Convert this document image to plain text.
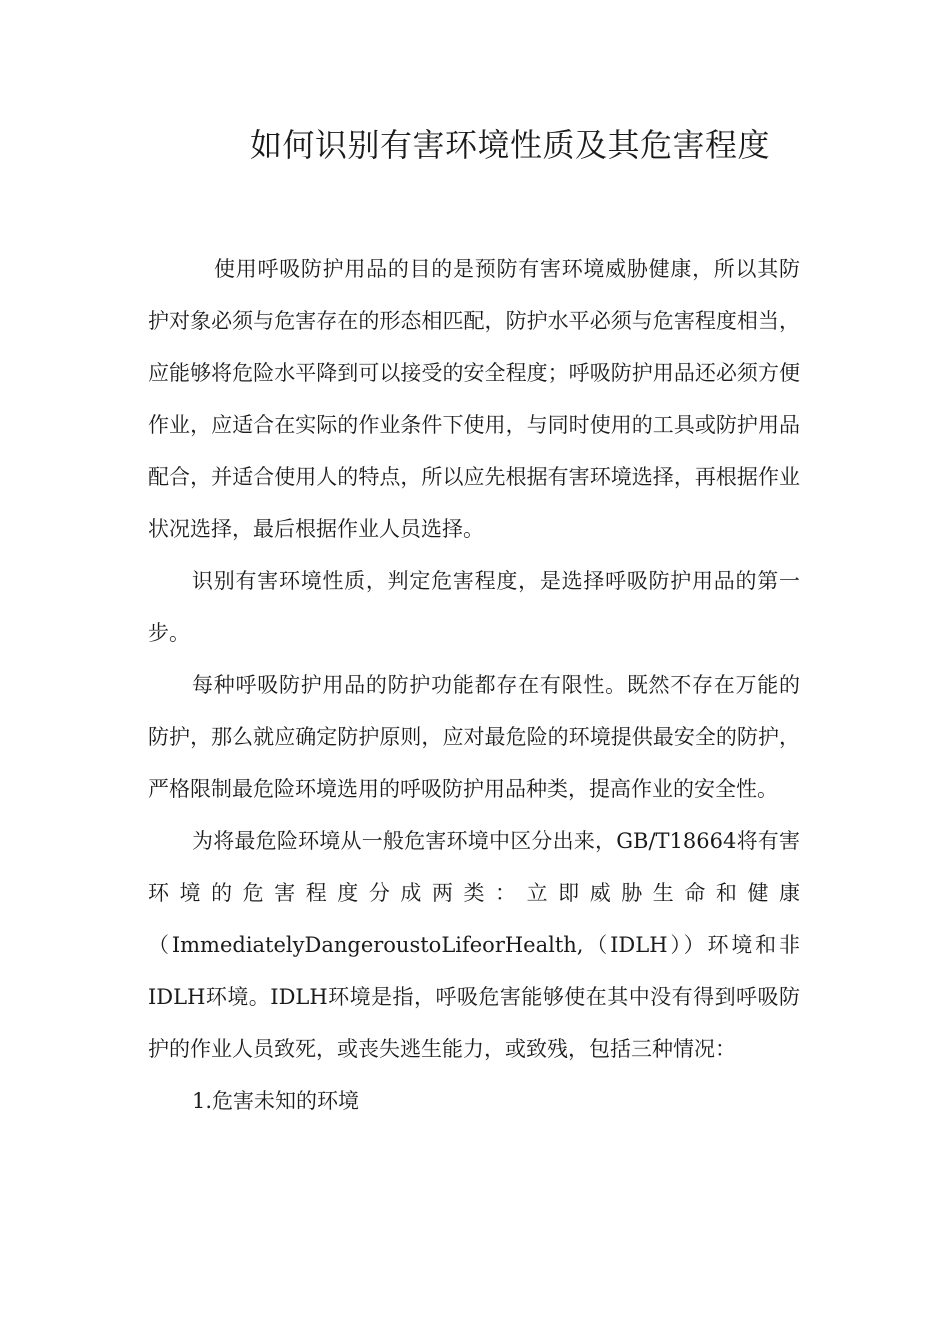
如何识别有害环境性质及其危害程度

使用呼吸防护用品的目的是预防有害环境威胁健康，所以其防护对象必须与危害存在的形态相匹配，防护水平必须与危害程度相当，应能够将危险水平降到可以接受的安全程度；呼吸防护用品还必须方便作业，应适合在实际的作业条件下使用，与同时使用的工具或防护用品配合，并适合使用人的特点，所以应先根据有害环境选择，再根据作业状况选择，最后根据作业人员选择。

识别有害环境性质，判定危害程度，是选择呼吸防护用品的第一步。

每种呼吸防护用品的防护功能都存在有限性。既然不存在万能的防护，那么就应确定防护原则，应对最危险的环境提供最安全的防护，严格限制最危险环境选用的呼吸防护用品种类，提高作业的安全性。

为将最危险环境从一般危害环境中区分出来，GB/T18664将有害环境的危害程度分成两类：立即威胁生命和健康（ImmediatelyDangeroustoLifeorHealth,（IDLH））环境和非IDLH环境。IDLH环境是指，呼吸危害能够使在其中没有得到呼吸防护的作业人员致死，或丧失逃生能力，或致残，包括三种情况：

1.危害未知的环境
